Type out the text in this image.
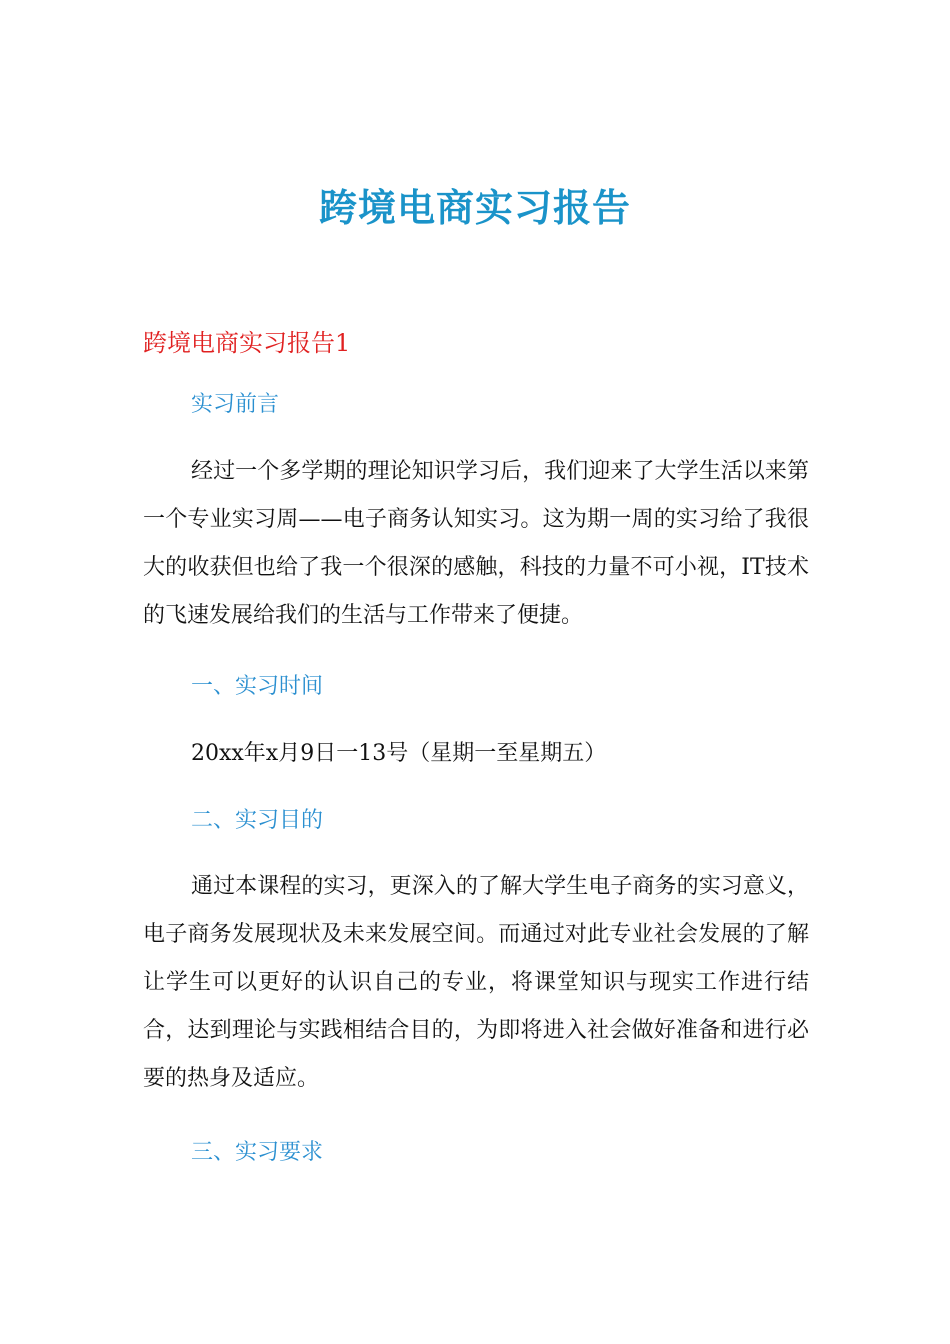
跨境电商实习报告
跨境电商实习报告1
实习前言

经过一个多学期的理论知识学习后，我们迎来了大学生活以来第一个专业实习周——电子商务认知实习。这为期一周的实习给了我很大的收获但也给了我一个很深的感触，科技的力量不可小视，IT技术的飞速发展给我们的生活与工作带来了便捷。

一、实习时间

20xx年x月9日一13号（星期一至星期五）

二、实习目的

通过本课程的实习，更深入的了解大学生电子商务的实习意义，电子商务发展现状及未来发展空间。而通过对此专业社会发展的了解让学生可以更好的认识自己的专业，将课堂知识与现实工作进行结合，达到理论与实践相结合目的，为即将进入社会做好准备和进行必要的热身及适应。

三、实习要求
